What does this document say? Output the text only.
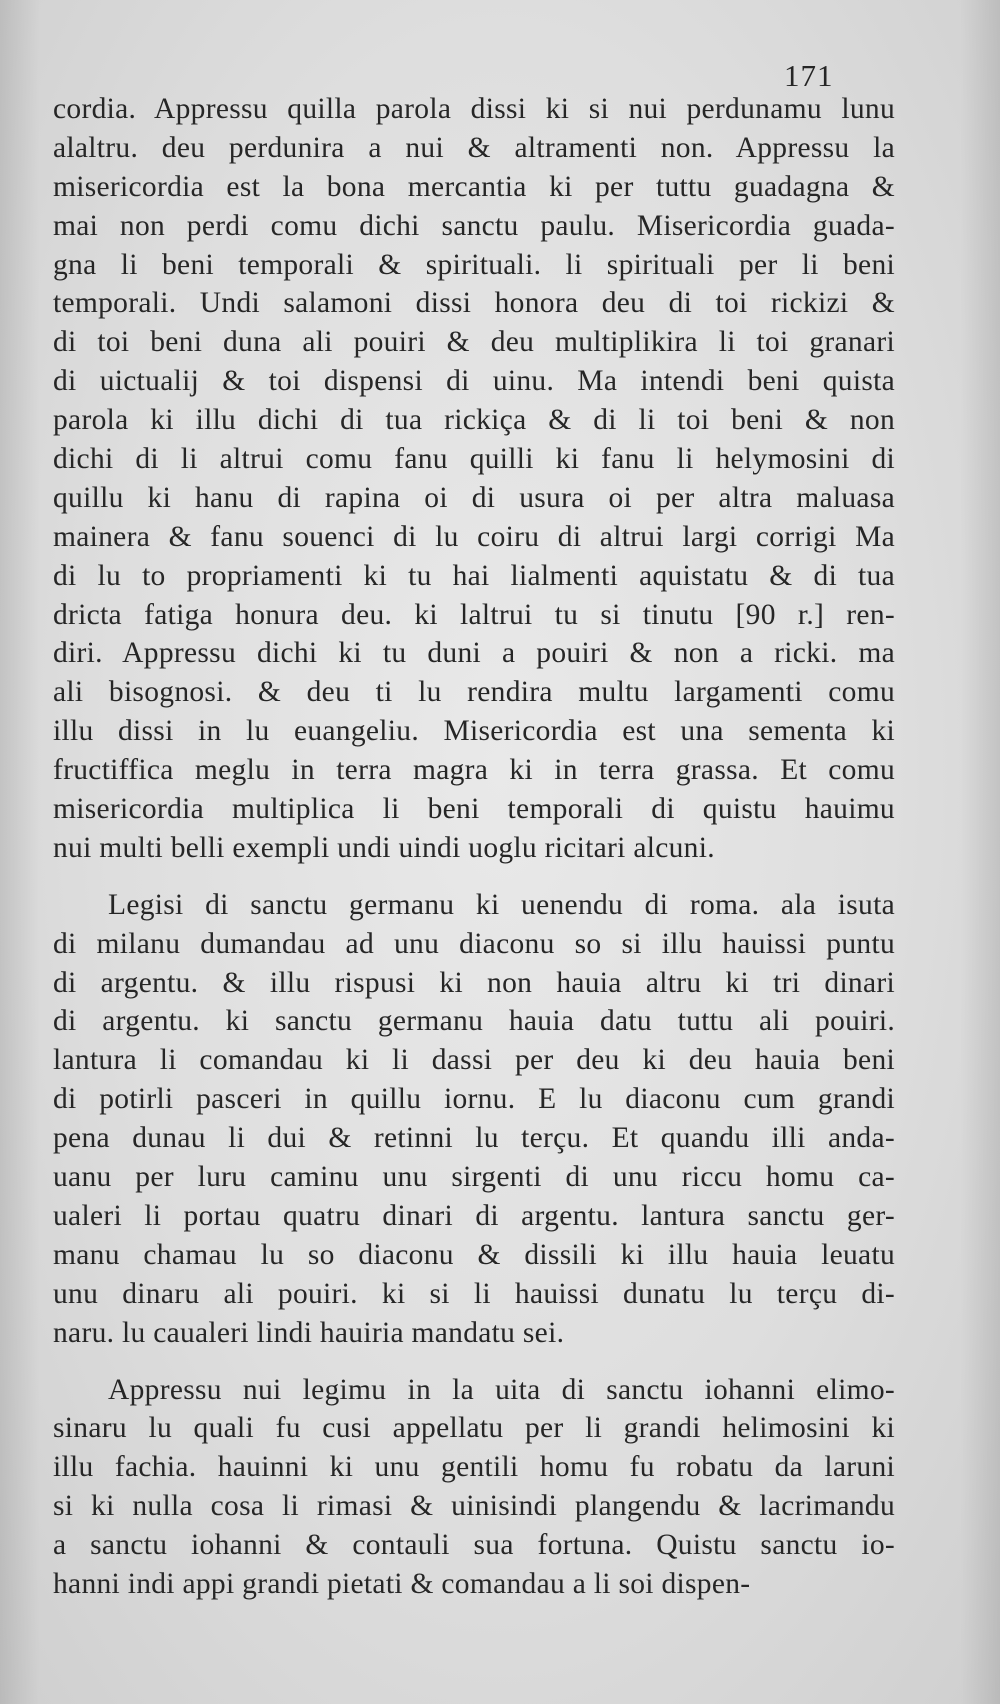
171
cordia. Appressu quilla parola dissi ki si nui perdunamu lunu
alaltru. deu perdunira a nui & altramenti non. Appressu la
misericordia est la bona mercantia ki per tuttu guadagna &
mai non perdi comu dichi sanctu paulu. Misericordia guada-
gna li beni temporali & spirituali. li spirituali per li beni
temporali. Undi salamoni dissi honora deu di toi rickizi &
di toi beni duna ali pouiri & deu multiplikira li toi granari
di uictualij & toi dispensi di uinu. Ma intendi beni quista
parola ki illu dichi di tua rickiça & di li toi beni & non
dichi di li altrui comu fanu quilli ki fanu li helymosini di
quillu ki hanu di rapina oi di usura oi per altra maluasa
mainera & fanu souenci di lu coiru di altrui largi corrigi Ma
di lu to propriamenti ki tu hai lialmenti aquistatu & di tua
dricta fatiga honura deu. ki laltrui tu si tinutu [90 r.] ren-
diri. Appressu dichi ki tu duni a pouiri & non a ricki. ma
ali bisognosi. & deu ti lu rendira multu largamenti comu
illu dissi in lu euangeliu. Misericordia est una sementa ki
fructiffica meglu in terra magra ki in terra grassa. Et comu
misericordia multiplica li beni temporali di quistu hauimu
nui multi belli exempli undi uindi uoglu ricitari alcuni.
Legisi di sanctu germanu ki uenendu di roma. ala isuta
di milanu dumandau ad unu diaconu so si illu hauissi puntu
di argentu. & illu rispusi ki non hauia altru ki tri dinari
di argentu. ki sanctu germanu hauia datu tuttu ali pouiri.
lantura li comandau ki li dassi per deu ki deu hauia beni
di potirli pasceri in quillu iornu. E lu diaconu cum grandi
pena dunau li dui & retinni lu terçu. Et quandu illi anda-
uanu per luru caminu unu sirgenti di unu riccu homu ca-
ualeri li portau quatru dinari di argentu. lantura sanctu ger-
manu chamau lu so diaconu & dissili ki illu hauia leuatu
unu dinaru ali pouiri. ki si li hauissi dunatu lu terçu di-
naru. lu caualeri lindi hauiria mandatu sei.
Appressu nui legimu in la uita di sanctu iohanni elimo-
sinaru lu quali fu cusi appellatu per li grandi helimosini ki
illu fachia. hauinni ki unu gentili homu fu robatu da laruni
si ki nulla cosa li rimasi & uinisindi plangendu & lacrimandu
a sanctu iohanni & contauli sua fortuna. Quistu sanctu io-
hanni indi appi grandi pietati & comandau a li soi dispen-
